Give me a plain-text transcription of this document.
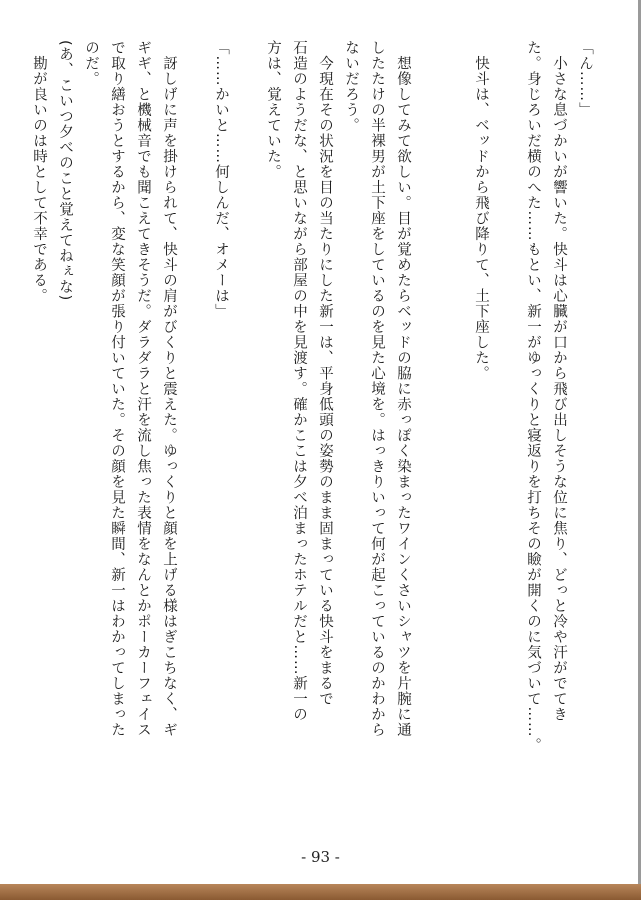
「ん……」
　小さな息づかいが響いた。快斗は心臓が口から飛び出しそうな位に焦り、どっと冷や汗がでてき
た。身じろいだ横のへた……もとい、新一がゆっくりと寝返りを打ちその瞼が開くのに気づいて……。

　快斗は、ベッドから飛び降りて、土下座した。

　想像してみて欲しい。目が覚めたらベッドの脇に赤っぽく染まったワインくさいシャツを片腕に通
したたけの半裸男が土下座をしているのを見た心境を。はっきりいって何が起こっているのかわから
ないだろう。
　今現在その状況を目の当たりにした新一は、平身低頭の姿勢のまま固まっている快斗をまるで
石造のようだな、と思いながら部屋の中を見渡す。確かここは夕べ泊まったホテルだと……新一の
方は、覚えていた。

「……かいと……何しんだ、オメーは」

　訝しげに声を掛けられて、快斗の肩がびくりと震えた。ゆっくりと顔を上げる様はぎこちなく、ギ
ギギ、と機械音でも聞こえてきそうだ。ダラダラと汗を流し焦った表情をなんとかポーカーフェイス
で取り繕おうとするから、変な笑顔が張り付いていた。その顔を見た瞬間、新一はわかってしまった
のだ。
(あ、こいつ夕べのこと覚えてねぇな)
　勘が良いのは時として不幸である。
- 93 -
